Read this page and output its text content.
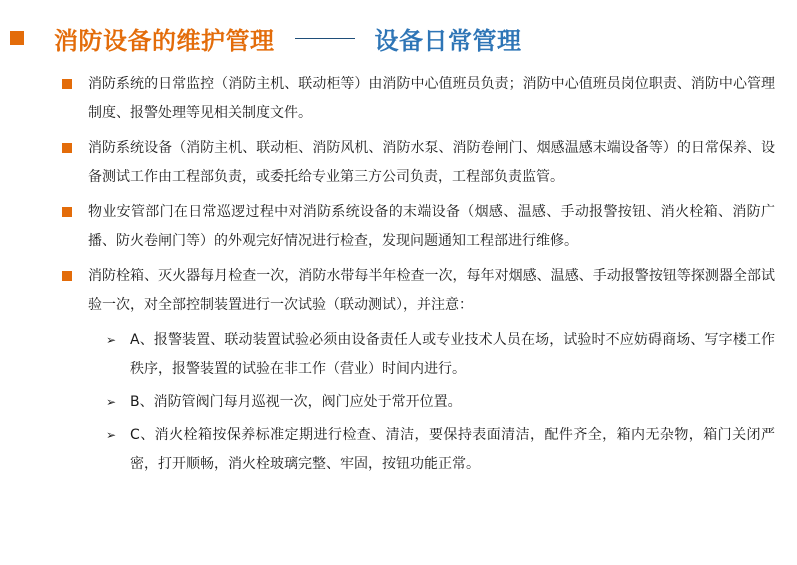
消防设备的维护管理	设备日常管理
消防系统的日常监控（消防主机、联动柜等）由消防中心值班员负责；消防中心值班员岗位职责、消防中心管理制度、报警处理等见相关制度文件。
消防系统设备（消防主机、联动柜、消防风机、消防水泵、消防卷闸门、烟感温感末端设备等）的日常保养、设备测试工作由工程部负责，或委托给专业第三方公司负责，工程部负责监管。
物业安管部门在日常巡逻过程中对消防系统设备的末端设备（烟感、温感、手动报警按钮、消火栓箱、消防广播、防火卷闸门等）的外观完好情况进行检查，发现问题通知工程部进行维修。
消防栓箱、灭火器每月检查一次，消防水带每半年检查一次，每年对烟感、温感、手动报警按钮等探测器全部试验一次，对全部控制装置进行一次试验（联动测试），并注意：
➢ A、报警装置、联动装置试验必须由设备责任人或专业技术人员在场，试验时不应妨碍商场、写字楼工作秩序，报警装置的试验在非工作（营业）时间内进行。
➢ B、消防管阀门每月巡视一次，阀门应处于常开位置。
➢ C、消火栓箱按保养标准定期进行检查、清洁，要保持表面清洁，配件齐全，箱内无杂物，箱门关闭严密，打开顺畅，消火栓玻璃完整、牢固，按钮功能正常。
